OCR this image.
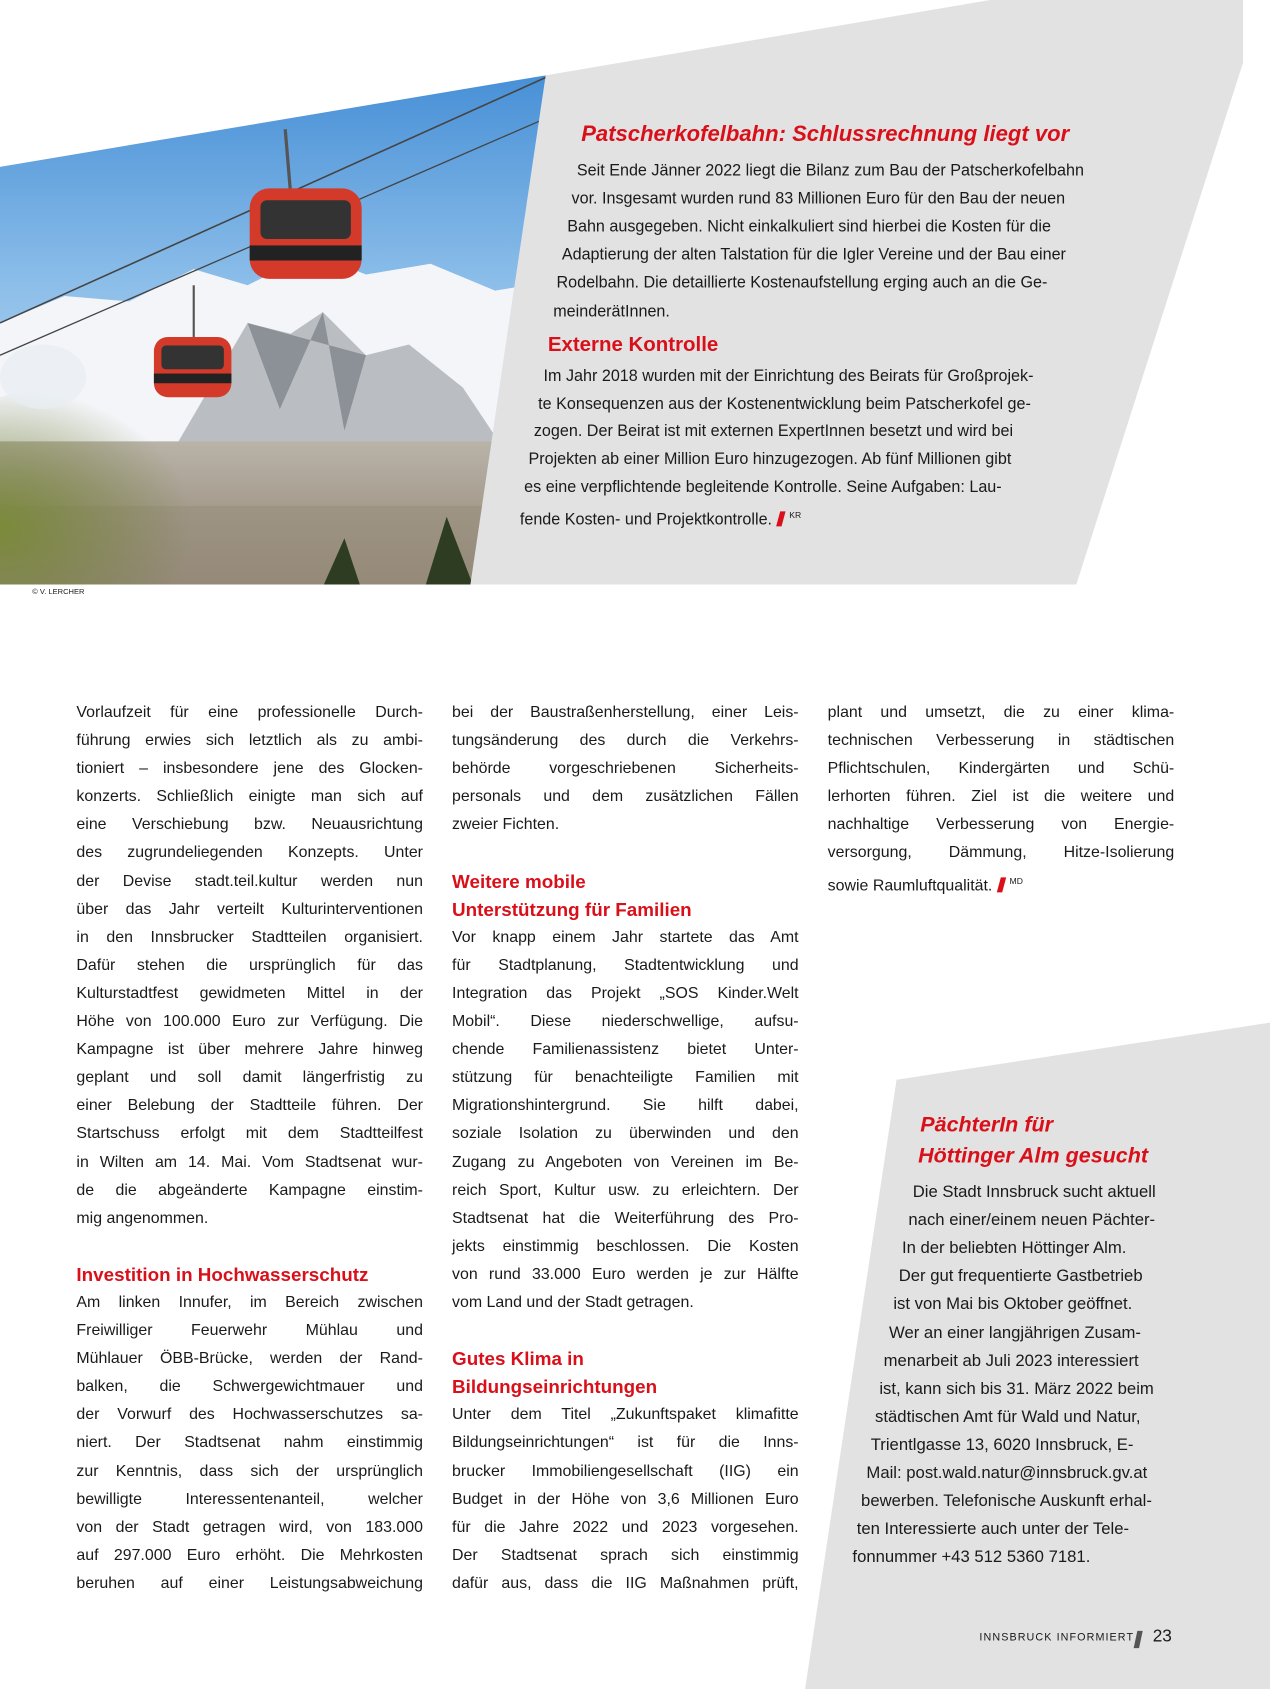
© V. LERCHER
Patscherkofelbahn: Schlussrechnung liegt vor
Seit Ende Jänner 2022 liegt die Bilanz zum Bau der Patscherkofelbahn
vor. Insgesamt wurden rund 83 Millionen Euro für den Bau der neuen
Bahn ausgegeben. Nicht einkalkuliert sind hierbei die Kosten für die
Adaptierung der alten Talstation für die Igler Vereine und der Bau einer
Rodelbahn. Die detaillierte Kostenaufstellung erging auch an die Ge-
meinderätInnen.
Externe Kontrolle
Im Jahr 2018 wurden mit der Einrichtung des Beirats für Großprojek-
te Konsequenzen aus der Kostenentwicklung beim Patscherkofel ge-
zogen. Der Beirat ist mit externen ExpertInnen besetzt und wird bei
Projekten ab einer Million Euro hinzugezogen. Ab fünf Millionen gibt
es eine verpflichtende begleitende Kontrolle. Seine Aufgaben: Lau-
fende Kosten- und Projektkontrolle. $^{KR}$
Vorlaufzeit für eine professionelle Durch-
führung erwies sich letztlich als zu ambi-
tioniert – insbesondere jene des Glocken-
konzerts. Schließlich einigte man sich auf
eine Verschiebung bzw. Neuausrichtung
des zugrundeliegenden Konzepts. Unter
der Devise stadt.teil.kultur werden nun
über das Jahr verteilt Kulturinterventionen
in den Innsbrucker Stadtteilen organisiert.
Dafür stehen die ursprünglich für das
Kulturstadtfest gewidmeten Mittel in der
Höhe von 100.000 Euro zur Verfügung. Die
Kampagne ist über mehrere Jahre hinweg
geplant und soll damit längerfristig zu
einer Belebung der Stadtteile führen. Der
Startschuss erfolgt mit dem Stadtteilfest
in Wilten am 14. Mai. Vom Stadtsenat wur-
de die abgeänderte Kampagne einstim-
mig angenommen.
Investition in Hochwasserschutz
Am linken Innufer, im Bereich zwischen
Freiwilliger Feuerwehr Mühlau und
Mühlauer ÖBB-Brücke, werden der Rand-
balken, die Schwergewichtmauer und
der Vorwurf des Hochwasserschutzes sa-
niert. Der Stadtsenat nahm einstimmig
zur Kenntnis, dass sich der ursprünglich
bewilligte Interessentenanteil, welcher
von der Stadt getragen wird, von 183.000
auf 297.000 Euro erhöht. Die Mehrkosten
beruhen auf einer Leistungsabweichung
bei der Baustraßenherstellung, einer Leis-
tungsänderung des durch die Verkehrs-
behörde vorgeschriebenen Sicherheits-
personals und dem zusätzlichen Fällen
zweier Fichten.
Weitere mobile
Unterstützung für Familien
Vor knapp einem Jahr startete das Amt
für Stadtplanung, Stadtentwicklung und
Integration das Projekt „SOS Kinder.Welt
Mobil“. Diese niederschwellige, aufsu-
chende Familienassistenz bietet Unter-
stützung für benachteiligte Familien mit
Migrationshintergrund. Sie hilft dabei,
soziale Isolation zu überwinden und den
Zugang zu Angeboten von Vereinen im Be-
reich Sport, Kultur usw. zu erleichtern. Der
Stadtsenat hat die Weiterführung des Pro-
jekts einstimmig beschlossen. Die Kosten
von rund 33.000 Euro werden je zur Hälfte
vom Land und der Stadt getragen.
Gutes Klima in
Bildungseinrichtungen
Unter dem Titel „Zukunftspaket klimafitte
Bildungseinrichtungen“ ist für die Inns-
brucker Immobiliengesellschaft (IIG) ein
Budget in der Höhe von 3,6 Millionen Euro
für die Jahre 2022 und 2023 vorgesehen.
Der Stadtsenat sprach sich einstimmig
dafür aus, dass die IIG Maßnahmen prüft,
plant und umsetzt, die zu einer klima-
technischen Verbesserung in städtischen
Pflichtschulen, Kindergärten und Schü-
lerhorten führen. Ziel ist die weitere und
nachhaltige Verbesserung von Energie-
versorgung, Dämmung, Hitze-Isolierung
sowie Raumluftqualität. $^{MD}$
PächterIn für
Höttinger Alm gesucht
Die Stadt Innsbruck sucht aktuell
nach einer/einem neuen Pächter-
In der beliebten Höttinger Alm.
Der gut frequentierte Gastbetrieb
ist von Mai bis Oktober geöffnet.
Wer an einer langjährigen Zusam-
menarbeit ab Juli 2023 interessiert
ist, kann sich bis 31. März 2022 beim
städtischen Amt für Wald und Natur,
Trientlgasse 13, 6020 Innsbruck, E-
Mail: post.wald.natur@innsbruck.gv.at
bewerben. Telefonische Auskunft erhal-
ten Interessierte auch unter der Tele-
fonnummer +43 512 5360 7181.
INNSBRUCK INFORMIERT 23
